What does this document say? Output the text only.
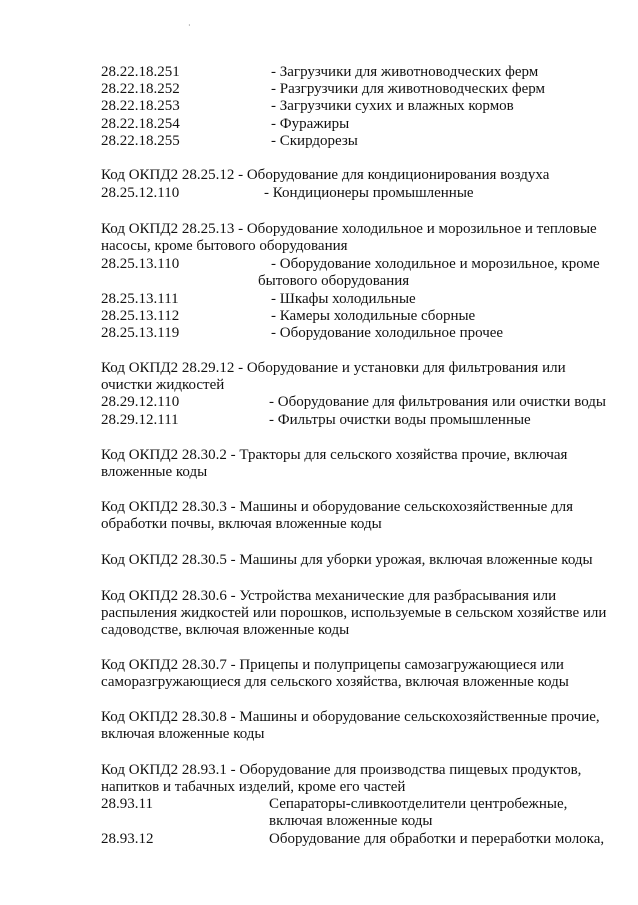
·
28.22.18.251	- Загрузчики для животноводческих ферм
28.22.18.252	- Разгрузчики для животноводческих ферм
28.22.18.253	- Загрузчики сухих и влажных кормов
28.22.18.254	- Фуражиры
28.22.18.255	- Скирдорезы
Код ОКПД2 28.25.12 - Оборудование для кондиционирования воздуха
28.25.12.110	- Кондиционеры промышленные
Код ОКПД2 28.25.13 - Оборудование холодильное и морозильное и тепловые
насосы, кроме бытового оборудования
28.25.13.110	- Оборудование холодильное и морозильное, кроме
бытового оборудования
28.25.13.111	- Шкафы холодильные
28.25.13.112	- Камеры холодильные сборные
28.25.13.119	- Оборудование холодильное прочее
Код ОКПД2 28.29.12 - Оборудование и установки для фильтрования или
очистки жидкостей
28.29.12.110	- Оборудование для фильтрования или очистки воды
28.29.12.111	- Фильтры очистки воды промышленные
Код ОКПД2 28.30.2 - Тракторы для сельского хозяйства прочие, включая
вложенные коды
Код ОКПД2 28.30.3 - Машины и оборудование сельскохозяйственные для
обработки почвы, включая вложенные коды
Код ОКПД2 28.30.5 - Машины для уборки урожая, включая вложенные коды
Код ОКПД2 28.30.6 - Устройства механические для разбрасывания или
распыления жидкостей или порошков, используемые в сельском хозяйстве или
садоводстве, включая вложенные коды
Код ОКПД2 28.30.7 - Прицепы и полуприцепы самозагружающиеся или
саморазгружающиеся для сельского хозяйства, включая вложенные коды
Код ОКПД2 28.30.8 - Машины и оборудование сельскохозяйственные прочие,
включая вложенные коды
Код ОКПД2 28.93.1 - Оборудование для производства пищевых продуктов,
напитков и табачных изделий, кроме его частей
28.93.11	Сепараторы-сливкоотделители центробежные,
включая вложенные коды
28.93.12	Оборудование для обработки и переработки молока,
